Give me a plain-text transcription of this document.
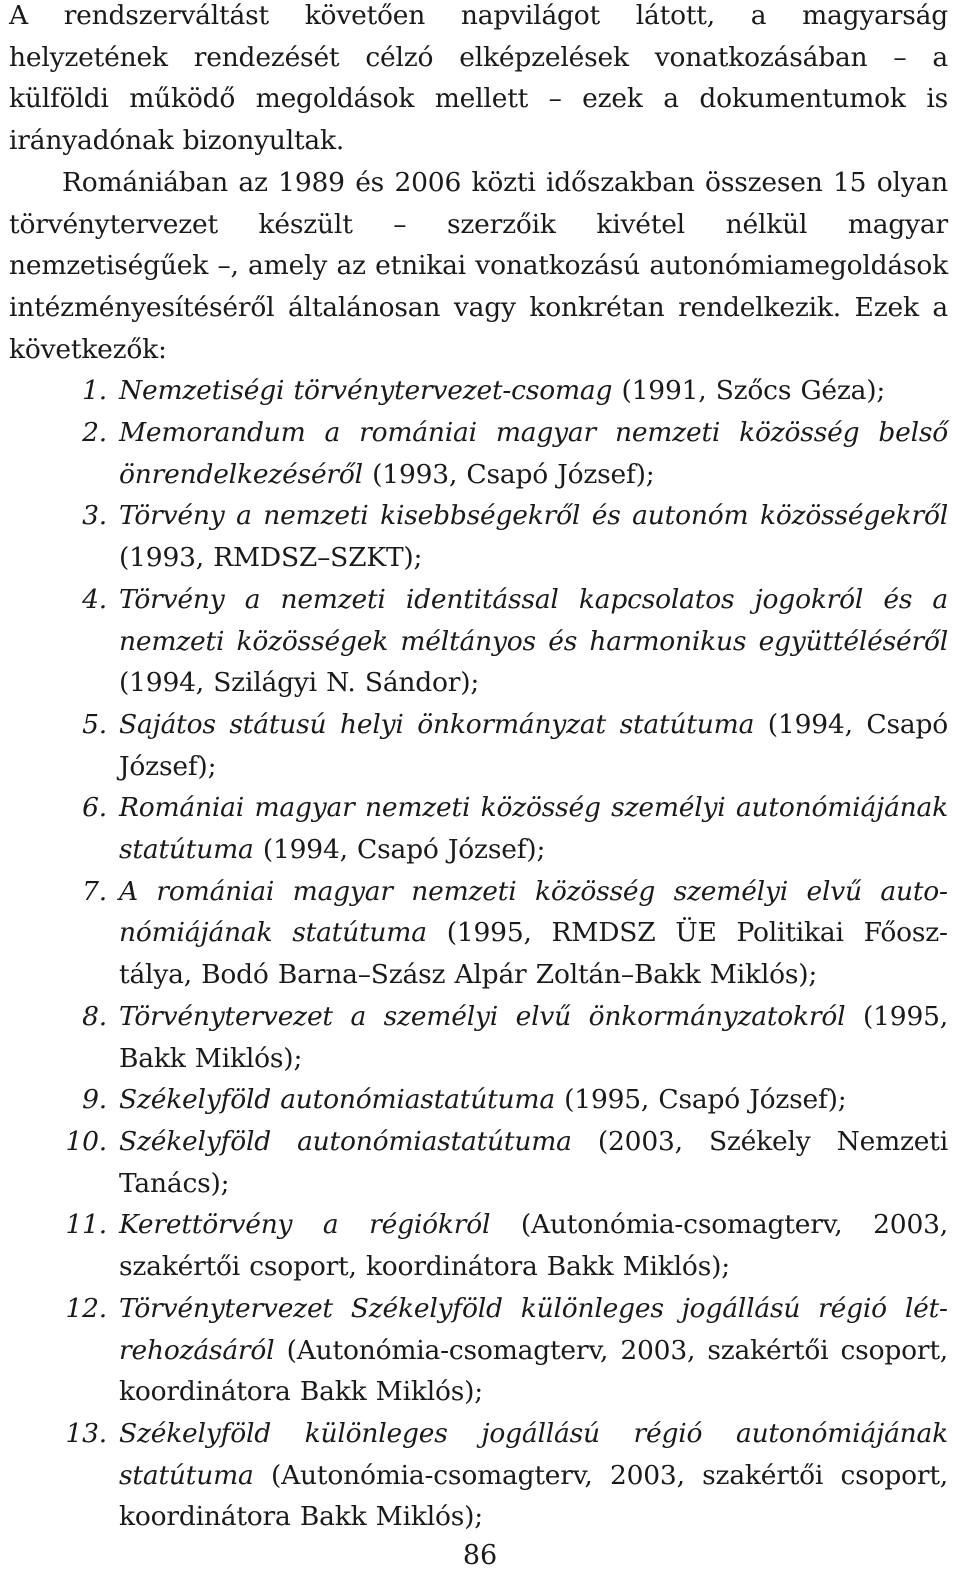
A rendszerváltást követően napvilágot látott, a magyarság helyzetének rendezését célzó elképzelések vonatkozásában – a külföldi működő megoldások mellett – ezek a dokumentumok is irányadónak bizonyultak.

Romániában az 1989 és 2006 közti időszakban összesen 15 olyan törvénytervezet készült – szerzőik kivétel nélkül magyar nemzetiségűek –, amely az etnikai vonatkozású autonómiamegoldások intézményesítéséről általánosan vagy konkrétan rendelkezik. Ezek a következők:

1. Nemzetiségi törvénytervezet-csomag (1991, Szőcs Géza);
2. Memorandum a romániai magyar nemzeti közösség belső önrendelkezéséről (1993, Csapó József);
3. Törvény a nemzeti kisebbségekről és autonóm közösségekről (1993, RMDSZ–SZKT);
4. Törvény a nemzeti identitással kapcsolatos jogokról és a nemzeti közösségek méltányos és harmonikus együttéléséről (1994, Szilágyi N. Sándor);
5. Sajátos státusú helyi önkormányzat statútuma (1994, Csapó József);
6. Romániai magyar nemzeti közösség személyi autonómiájának statútuma (1994, Csapó József);
7. A romániai magyar nemzeti közösség személyi elvű autonómiájának statútuma (1995, RMDSZ ÜE Politikai Főosztálya, Bodó Barna–Szász Alpár Zoltán–Bakk Miklós);
8. Törvénytervezet a személyi elvű önkormányzatokról (1995, Bakk Miklós);
9. Székelyföld autonómiastatútuma (1995, Csapó József);
10. Székelyföld autonómiastatútuma (2003, Székely Nemzeti Tanács);
11. Kerettörvény a régiókról (Autonómia-csomagterv, 2003, szakértői csoport, koordinátora Bakk Miklós);
12. Törvénytervezet Székelyföld különleges jogállású régió létrehozásáról (Autonómia-csomagterv, 2003, szakértői csoport, koordinátora Bakk Miklós);
13. Székelyföld különleges jogállású régió autonómiájának statútuma (Autonómia-csomagterv, 2003, szakértői csoport, koordinátora Bakk Miklós);
86
